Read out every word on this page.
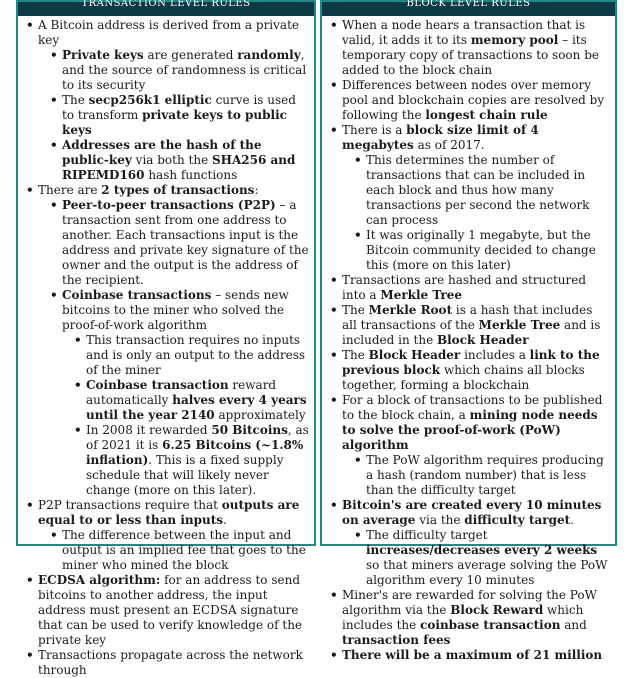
TRANSACTION LEVEL RULES
• A Bitcoin address is derived from a private key
• Private keys are generated randomly, and the source of randomness is critical to its security
• The secp256k1 elliptic curve is used to transform private keys to public keys
• Addresses are the hash of the public-key via both the SHA256 and RIPEMD160 hash functions
• There are 2 types of transactions:
• Peer-to-peer transactions (P2P) – a transaction sent from one address to another. Each transactions input is the address and private key signature of the owner and the output is the address of the recipient.
• Coinbase transactions – sends new bitcoins to the miner who solved the proof-of-work algorithm
• This transaction requires no inputs and is only an output to the address of the miner
• Coinbase transaction reward automatically halves every 4 years until the year 2140 approximately
• In 2008 it rewarded 50 Bitcoins, as of 2021 it is 6.25 Bitcoins (~1.8% inflation). This is a fixed supply schedule that will likely never change (more on this later).
• P2P transactions require that outputs are equal to or less than inputs.
• The difference between the input and output is an implied fee that goes to the miner who mined the block
• ECDSA algorithm: for an address to send bitcoins to another address, the input address must present an ECDSA signature that can be used to verify knowledge of the private key
• Transactions propagate across the network through
BLOCK LEVEL RULES
• When a node hears a transaction that is valid, it adds it to its memory pool – its temporary copy of transactions to soon be added to the block chain
• Differences between nodes over memory pool and blockchain copies are resolved by following the longest chain rule
• There is a block size limit of 4 megabytes as of 2017.
• This determines the number of transactions that can be included in each block and thus how many transactions per second the network can process
• It was originally 1 megabyte, but the Bitcoin community decided to change this (more on this later)
• Transactions are hashed and structured into a Merkle Tree
• The Merkle Root is a hash that includes all transactions of the Merkle Tree and is included in the Block Header
• The Block Header includes a link to the previous block which chains all blocks together, forming a blockchain
• For a block of transactions to be published to the block chain, a mining node needs to solve the proof-of-work (PoW) algorithm
• The PoW algorithm requires producing a hash (random number) that is less than the difficulty target
• Bitcoin's are created every 10 minutes on average via the difficulty target.
• The difficulty target increases/decreases every 2 weeks so that miners average solving the PoW algorithm every 10 minutes
• Miner's are rewarded for solving the PoW algorithm via the Block Reward which includes the coinbase transaction and transaction fees
• There will be a maximum of 21 million
